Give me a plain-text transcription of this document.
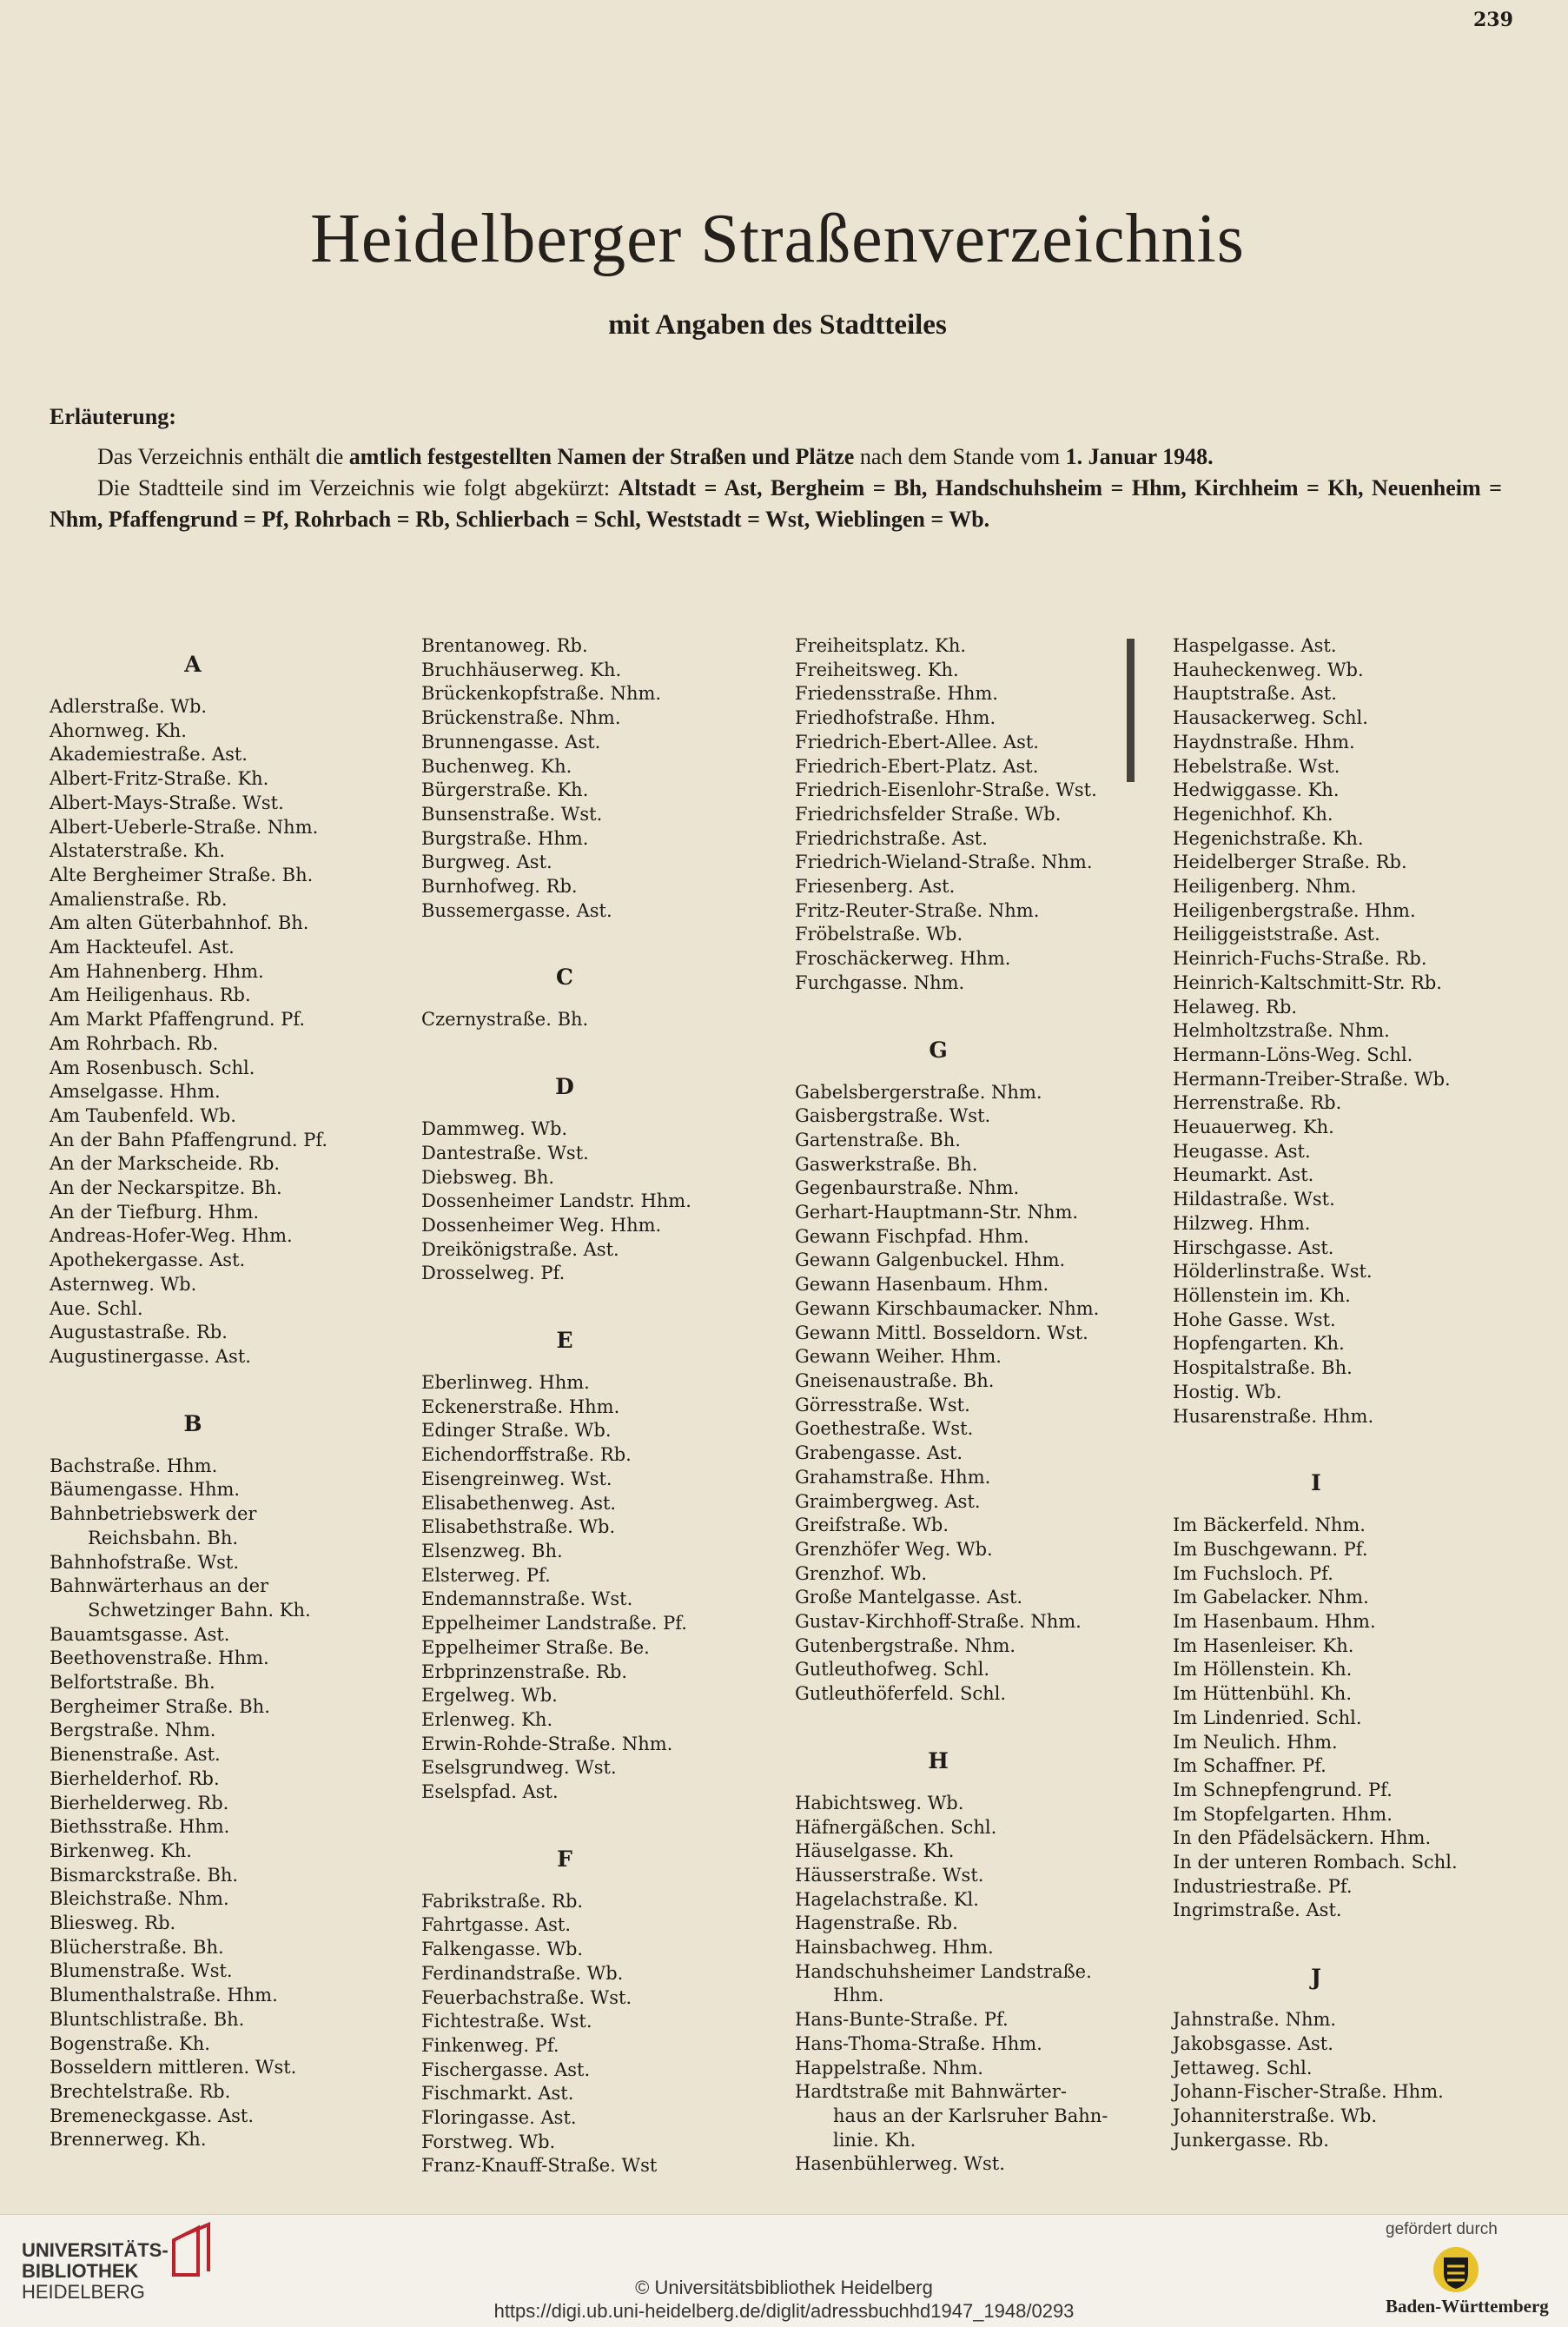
239
Heidelberger Straßenverzeichnis
mit Angaben des Stadtteiles
Erläuterung:

Das Verzeichnis enthält die amtlich festgestellten Namen der Straßen und Plätze nach dem Stande vom 1. Januar 1948.

Die Stadtteile sind im Verzeichnis wie folgt abgekürzt: Altstadt = Ast, Bergheim = Bh, Handschuhsheim = Hhm, Kirchheim = Kh, Neuenheim = Nhm, Pfaffengrund = Pf, Rohrbach = Rb, Schlierbach = Schl, Weststadt = Wst, Wieblingen = Wb.

A
Adlerstraße. Wb.
Ahornweg. Kh.
Akademiestraße. Ast.
Albert-Fritz-Straße. Kh.
Albert-Mays-Straße. Wst.
Albert-Ueberle-Straße. Nhm.
Alstaterstraße. Kh.
Alte Bergheimer Straße. Bh.
Amalienstraße. Rb.
Am alten Güterbahnhof. Bh.
Am Hackteufel. Ast.
Am Hahnenberg. Hhm.
Am Heiligenhaus. Rb.
Am Markt Pfaffengrund. Pf.
Am Rohrbach. Rb.
Am Rosenbusch. Schl.
Amselgasse. Hhm.
Am Taubenfeld. Wb.
An der Bahn Pfaffengrund. Pf.
An der Markscheide. Rb.
An der Neckarspitze. Bh.
An der Tiefburg. Hhm.
Andreas-Hofer-Weg. Hhm.
Apothekergasse. Ast.
Asternweg. Wb.
Aue. Schl.
Augustastraße. Rb.
Augustinergasse. Ast.
B
Bachstraße. Hhm.
Bäumengasse. Hhm.
Bahnbetriebswerk der
Reichsbahn. Bh.
Bahnhofstraße. Wst.
Bahnwärterhaus an der
Schwetzinger Bahn. Kh.
Bauamtsgasse. Ast.
Beethovenstraße. Hhm.
Belfortstraße. Bh.
Bergheimer Straße. Bh.
Bergstraße. Nhm.
Bienenstraße. Ast.
Bierhelderhof. Rb.
Bierhelderweg. Rb.
Biethsstraße. Hhm.
Birkenweg. Kh.
Bismarckstraße. Bh.
Bleichstraße. Nhm.
Bliesweg. Rb.
Blücherstraße. Bh.
Blumenstraße. Wst.
Blumenthalstraße. Hhm.
Bluntschlistraße. Bh.
Bogenstraße. Kh.
Bosseldern mittleren. Wst.
Brechtelstraße. Rb.
Bremeneckgasse. Ast.
Brennerweg. Kh.
Brentanoweg. Rb.
Bruchhäuserweg. Kh.
Brückenkopfstraße. Nhm.
Brückenstraße. Nhm.
Brunnengasse. Ast.
Buchenweg. Kh.
Bürgerstraße. Kh.
Bunsenstraße. Wst.
Burgstraße. Hhm.
Burgweg. Ast.
Burnhofweg. Rb.
Bussemergasse. Ast.
C
Czernystraße. Bh.
D
Dammweg. Wb.
Dantestraße. Wst.
Diebsweg. Bh.
Dossenheimer Landstr. Hhm.
Dossenheimer Weg. Hhm.
Dreikönigstraße. Ast.
Drosselweg. Pf.
E
Eberlinweg. Hhm.
Eckenerstraße. Hhm.
Edinger Straße. Wb.
Eichendorffstraße. Rb.
Eisengreinweg. Wst.
Elisabethenweg. Ast.
Elisabethstraße. Wb.
Elsenzweg. Bh.
Elsterweg. Pf.
Endemannstraße. Wst.
Eppelheimer Landstraße. Pf.
Eppelheimer Straße. Be.
Erbprinzenstraße. Rb.
Ergelweg. Wb.
Erlenweg. Kh.
Erwin-Rohde-Straße. Nhm.
Eselsgrundweg. Wst.
Eselspfad. Ast.
F
Fabrikstraße. Rb.
Fahrtgasse. Ast.
Falkengasse. Wb.
Ferdinandstraße. Wb.
Feuerbachstraße. Wst.
Fichtestraße. Wst.
Finkenweg. Pf.
Fischergasse. Ast.
Fischmarkt. Ast.
Floringasse. Ast.
Forstweg. Wb.
Franz-Knauff-Straße. Wst
Freiheitsplatz. Kh.
Freiheitsweg. Kh.
Friedensstraße. Hhm.
Friedhofstraße. Hhm.
Friedrich-Ebert-Allee. Ast.
Friedrich-Ebert-Platz. Ast.
Friedrich-Eisenlohr-Straße. Wst.
Friedrichsfelder Straße. Wb.
Friedrichstraße. Ast.
Friedrich-Wieland-Straße. Nhm.
Friesenberg. Ast.
Fritz-Reuter-Straße. Nhm.
Fröbelstraße. Wb.
Froschäckerweg. Hhm.
Furchgasse. Nhm.
G
Gabelsbergerstraße. Nhm.
Gaisbergstraße. Wst.
Gartenstraße. Bh.
Gaswerkstraße. Bh.
Gegenbaurstraße. Nhm.
Gerhart-Hauptmann-Str. Nhm.
Gewann Fischpfad. Hhm.
Gewann Galgenbuckel. Hhm.
Gewann Hasenbaum. Hhm.
Gewann Kirschbaumacker. Nhm.
Gewann Mittl. Bosseldorn. Wst.
Gewann Weiher. Hhm.
Gneisenaustraße. Bh.
Görresstraße. Wst.
Goethestraße. Wst.
Grabengasse. Ast.
Grahamstraße. Hhm.
Graimbergweg. Ast.
Greifstraße. Wb.
Grenzhöfer Weg. Wb.
Grenzhof. Wb.
Große Mantelgasse. Ast.
Gustav-Kirchhoff-Straße. Nhm.
Gutenbergstraße. Nhm.
Gutleuthofweg. Schl.
Gutleuthöferfeld. Schl.
H
Habichtsweg. Wb.
Häfnergäßchen. Schl.
Häuselgasse. Kh.
Häusserstraße. Wst.
Hagelachstraße. Kl.
Hagenstraße. Rb.
Hainsbachweg. Hhm.
Handschuhsheimer Landstraße.
Hhm.
Hans-Bunte-Straße. Pf.
Hans-Thoma-Straße. Hhm.
Happelstraße. Nhm.
Hardtstraße mit Bahnwärter-
haus an der Karlsruher Bahn-
linie. Kh.
Hasenbühlerweg. Wst.
Haspelgasse. Ast.
Hauheckenweg. Wb.
Hauptstraße. Ast.
Hausackerweg. Schl.
Haydnstraße. Hhm.
Hebelstraße. Wst.
Hedwiggasse. Kh.
Hegenichhof. Kh.
Hegenichstraße. Kh.
Heidelberger Straße. Rb.
Heiligenberg. Nhm.
Heiligenbergstraße. Hhm.
Heiliggeiststraße. Ast.
Heinrich-Fuchs-Straße. Rb.
Heinrich-Kaltschmitt-Str. Rb.
Helaweg. Rb.
Helmholtzstraße. Nhm.
Hermann-Löns-Weg. Schl.
Hermann-Treiber-Straße. Wb.
Herrenstraße. Rb.
Heuauerweg. Kh.
Heugasse. Ast.
Heumarkt. Ast.
Hildastraße. Wst.
Hilzweg. Hhm.
Hirschgasse. Ast.
Hölderlinstraße. Wst.
Höllenstein im. Kh.
Hohe Gasse. Wst.
Hopfengarten. Kh.
Hospitalstraße. Bh.
Hostig. Wb.
Husarenstraße. Hhm.
I
Im Bäckerfeld. Nhm.
Im Buschgewann. Pf.
Im Fuchsloch. Pf.
Im Gabelacker. Nhm.
Im Hasenbaum. Hhm.
Im Hasenleiser. Kh.
Im Höllenstein. Kh.
Im Hüttenbühl. Kh.
Im Lindenried. Schl.
Im Neulich. Hhm.
Im Schaffner. Pf.
Im Schnepfengrund. Pf.
Im Stopfelgarten. Hhm.
In den Pfädelsäckern. Hhm.
In der unteren Rombach. Schl.
Industriestraße. Pf.
Ingrimstraße. Ast.
J
Jahnstraße. Nhm.
Jakobsgasse. Ast.
Jettaweg. Schl.
Johann-Fischer-Straße. Hhm.
Johanniterstraße. Wb.
Junkergasse. Rb.
UNIVERSITÄTS-
BIBLIOTHEK
HEIDELBERG	© Universitätsbibliothek Heidelberg
https://digi.ub.uni-heidelberg.de/diglit/adressbuchhd1947_1948/0293
gefördert durch
Baden-Württemberg
